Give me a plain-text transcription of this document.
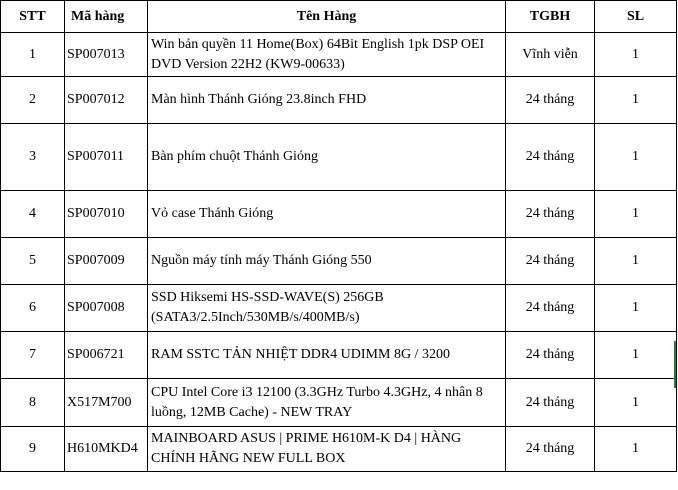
STT	Mã hàng	Tên Hàng	TGBH	SL
1	SP007013	Win bản quyền 11 Home(Box) 64Bit English 1pk DSP OEI DVD Version 22H2 (KW9-00633)	Vĩnh viễn	1
2	SP007012	Màn hình Thánh Gióng 23.8inch FHD	24 tháng	1
3	SP007011	Bàn phím chuột Thánh Gióng	24 tháng	1
4	SP007010	Vỏ case Thánh Gióng	24 tháng	1
5	SP007009	Nguồn máy tính máy Thánh Gióng 550	24 tháng	1
6	SP007008	SSD Hiksemi HS-SSD-WAVE(S) 256GB (SATA3/2.5Inch/530MB/s/400MB/s)	24 tháng	1
7	SP006721	RAM SSTC TẢN NHIỆT DDR4 UDIMM 8G / 3200	24 tháng	1
8	X517M700	CPU Intel Core i3 12100 (3.3GHz Turbo 4.3GHz, 4 nhân 8 luồng, 12MB Cache) - NEW TRAY	24 tháng	1
9	H610MKD4	MAINBOARD ASUS | PRIME H610M-K D4 | HÀNG CHÍNH HÃNG NEW FULL BOX	24 tháng	1
